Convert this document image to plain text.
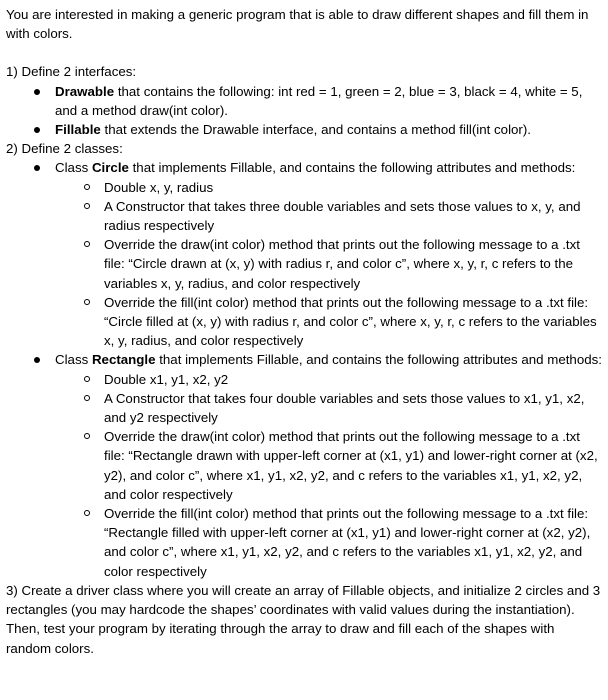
You are interested in making a generic program that is able to draw different shapes and fill them in with colors.

1) Define 2 interfaces:

Drawable that contains the following: int red = 1, green = 2, blue = 3, black = 4, white = 5, and a method draw(int color).
Fillable that extends the Drawable interface, and contains a method fill(int color).

2) Define 2 classes:

Class Circle that implements Fillable, and contains the following attributes and methods:
Double x, y, radius
A Constructor that takes three double variables and sets those values to x, y, and radius respectively
Override the draw(int color) method that prints out the following message to a .txt file: “Circle drawn at (x, y) with radius r, and color c”, where x, y, r, c refers to the variables x, y, radius, and color respectively
Override the fill(int color) method that prints out the following message to a .txt file: “Circle filled at (x, y) with radius r, and color c”, where x, y, r, c refers to the variables x, y, radius, and color respectively
Class Rectangle that implements Fillable, and contains the following attributes and methods:
Double x1, y1, x2, y2
A Constructor that takes four double variables and sets those values to x1, y1, x2, and y2 respectively
Override the draw(int color) method that prints out the following message to a .txt file: “Rectangle drawn with upper-left corner at (x1, y1) and lower-right corner at (x2, y2), and color c”, where x1, y1, x2, y2, and c refers to the variables x1, y1, x2, y2, and color respectively
Override the fill(int color) method that prints out the following message to a .txt file: “Rectangle filled with upper-left corner at (x1, y1) and lower-right corner at (x2, y2), and color c”, where x1, y1, x2, y2, and c refers to the variables x1, y1, x2, y2, and color respectively

3) Create a driver class where you will create an array of Fillable objects, and initialize 2 circles and 3 rectangles (you may hardcode the shapes’ coordinates with valid values during the instantiation). Then, test your program by iterating through the array to draw and fill each of the shapes with random colors.
